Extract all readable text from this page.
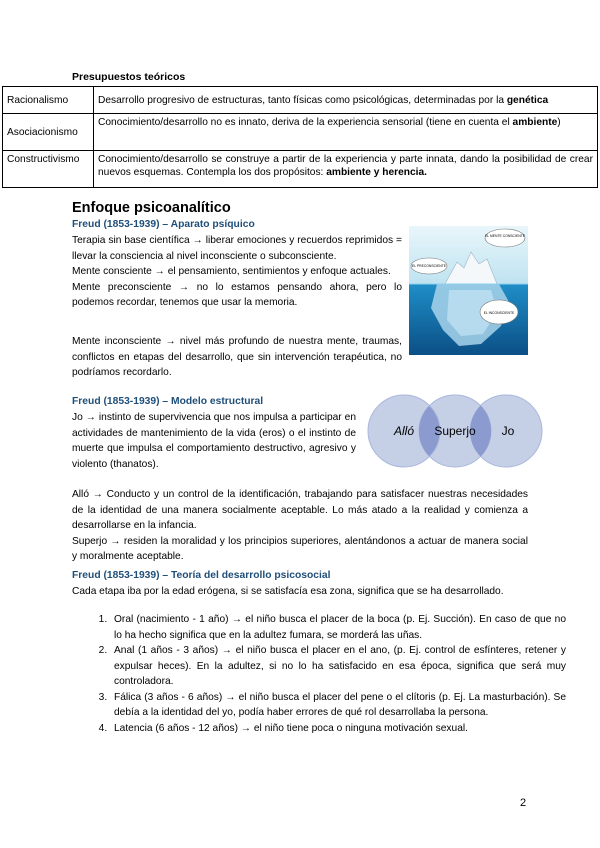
Presupuestos teóricos
Racionalismo	Desarrollo progresivo de estructuras, tanto físicas como psicológicas, determinadas por la genética
Asociacionismo	Conocimiento/desarrollo no es innato, deriva de la experiencia sensorial (tiene en cuenta el ambiente)
Constructivismo	Conocimiento/desarrollo se construye a partir de la experiencia y parte innata, dando la posibilidad de crear nuevos esquemas. Contempla los dos propósitos: ambiente y herencia.
Enfoque psicoanalítico
Freud (1853-1939) – Aparato psíquico
Terapia sin base científica → liberar emociones y recuerdos reprimidos = llevar la consciencia al nivel inconsciente o subconsciente.
Mente consciente → el pensamiento, sentimientos y enfoque actuales.
Mente preconsciente → no lo estamos pensando ahora, pero lo podemos recordar, tenemos que usar la memoria.
Mente inconsciente → nivel más profundo de nuestra mente, traumas, conflictos en etapas del desarrollo, que sin intervención terapéutica, no podríamos recordarlo.
EL MENTE CONSCIENTE
EL PRECONSCIENTE
EL INCONSCIENTE
Freud (1853-1939) – Modelo estructural
Jo → instinto de supervivencia que nos impulsa a participar en actividades de mantenimiento de la vida (eros) o el instinto de muerte que impulsa el comportamiento destructivo, agresivo y violento (thanatos).
Alló → Conducto y un control de la identificación, trabajando para satisfacer nuestras necesidades de la identidad de una manera socialmente aceptable. Lo más atado a la realidad y comienza a desarrollarse en la infancia.
Superjo → residen la moralidad y los principios superiores, alentándonos a actuar de manera social y moralmente aceptable.
Alló Superjo Jo
Freud (1853-1939) – Teoría del desarrollo psicosocial
Cada etapa iba por la edad erógena, si se satisfacía esa zona, significa que se ha desarrollado.
1. Oral (nacimiento - 1 año) → el niño busca el placer de la boca (p. Ej. Succión). En caso de que no lo ha hecho significa que en la adultez fumara, se morderá las uñas.
2. Anal (1 años - 3 años) → el niño busca el placer en el ano, (p. Ej. control de esfínteres, retener y expulsar heces). En la adultez, si no lo ha satisfacido en esa época, significa que será muy controladora.
3. Fálica (3 años - 6 años) → el niño busca el placer del pene o el clítoris (p. Ej. La masturbación). Se debía a la identidad del yo, podía haber errores de qué rol desarrollaba la persona.
4. Latencia (6 años - 12 años) → el niño tiene poca o ninguna motivación sexual.
2
